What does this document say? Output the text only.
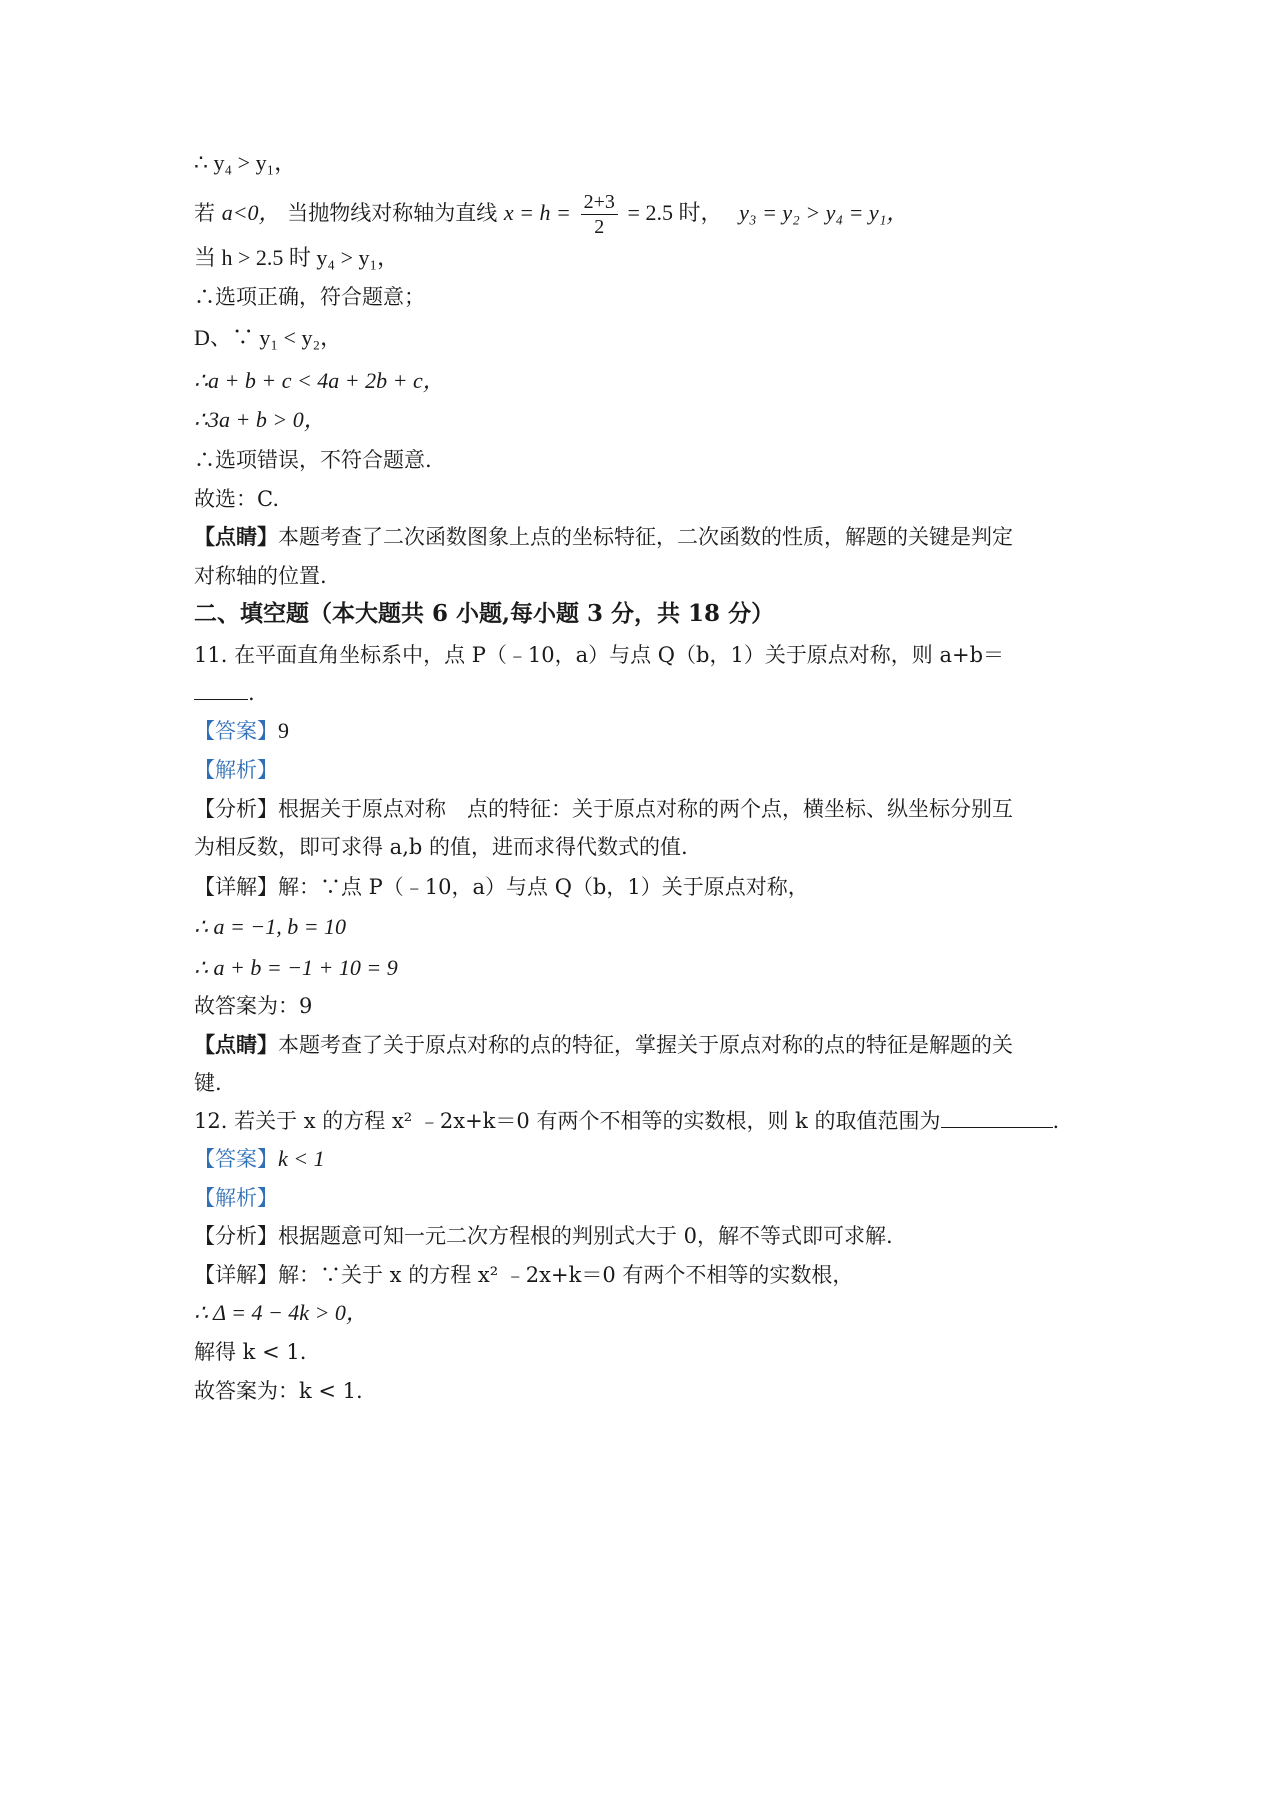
∴ y₄ > y₁，
若 a<0， 当抛物线对称轴为直线 $x = h = \frac{2+3}{2} = 2.5$ 时， y₃ = y₂ > y₄ = y₁，
当 h > 2.5 时 y₄ > y₁，
∴选项正确，符合题意；
D、∵ y₁ < y₂，
∴a + b + c < 4a + 2b + c，
∴3a + b > 0，
∴选项错误，不符合题意.
故选：C.
【点睛】本题考查了二次函数图象上点的坐标特征，二次函数的性质，解题的关键是判定
对称轴的位置.
二、填空题（本大题共 6 小题,每小题 3 分，共 18 分）
11. 在平面直角坐标系中，点 P（﹣10，a）与点 Q（b，1）关于原点对称，则 a+b＝
.
【答案】9
【解析】
【分析】根据关于原点对称　点的特征：关于原点对称的两个点，横坐标、纵坐标分别互
为相反数，即可求得 a,b 的值，进而求得代数式的值.
【详解】解：∵点 P（﹣10，a）与点 Q（b，1）关于原点对称，
∴ a = −1, b = 10
∴ a + b = −1 + 10 = 9
故答案为：9
【点睛】本题考查了关于原点对称的点的特征，掌握关于原点对称的点的特征是解题的关
键.
12. 若关于 x 的方程 x² ﹣2x+k＝0 有两个不相等的实数根，则 k 的取值范围为	.
【答案】k < 1
【解析】
【分析】根据题意可知一元二次方程根的判别式大于 0，解不等式即可求解.
【详解】解：∵关于 x 的方程 x² ﹣2x+k＝0 有两个不相等的实数根，
∴ Δ = 4 − 4k > 0，
解得 k < 1.
故答案为：k < 1.
